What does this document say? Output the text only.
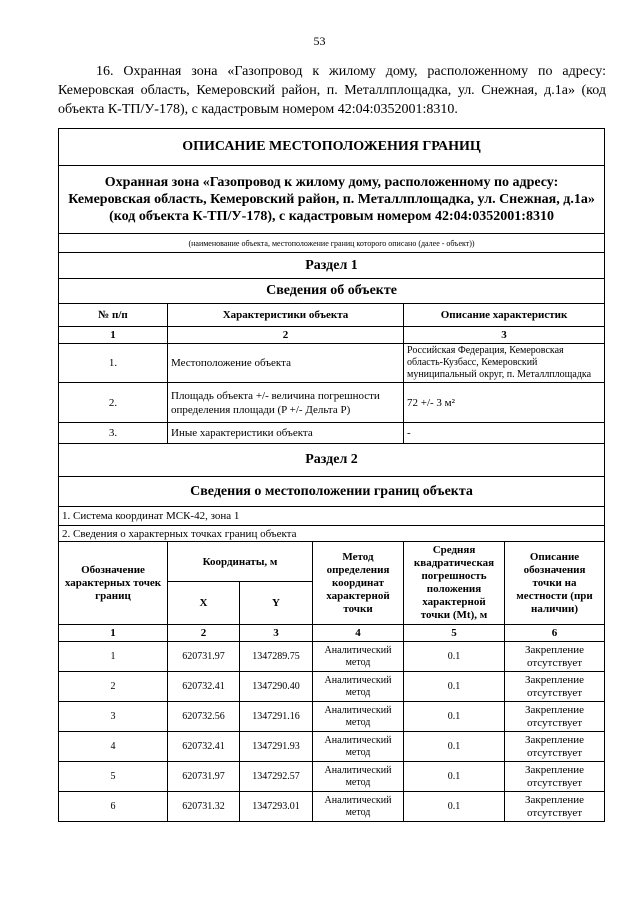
53
16. Охранная зона «Газопровод к жилому дому, расположенному по адресу: Кемеровская область, Кемеровский район, п. Металлплощадка, ул. Снежная, д.1а» (код объекта К-ТП/У-178), с кадастровым номером 42:04:0352001:8310.
ОПИСАНИЕ МЕСТОПОЛОЖЕНИЯ ГРАНИЦ					
Охранная зона «Газопровод к жилому дому, расположенному по адресу: Кемеровская область, Кемеровский район, п. Металлплощадка, ул. Снежная, д.1а» (код объекта К-ТП/У-178), с кадастровым номером 42:04:0352001:8310					
(наименование объекта, местоположение границ которого описано (далее - объект))					
Раздел 1					
Сведения об объекте					
№ п/п	Характеристики объекта			Описание характеристик	
1	2			3	
1.	Местоположение объекта			Российская Федерация, Кемеровская область-Кузбасс, Кемеровский муниципальный округ, п. Металлплощадка	
2.	Площадь объекта +/- величина погрешности определения площади (P +/- Дельта P)			72 +/- 3 м²	
3.	Иные характеристики объекта			-	
Раздел 2					
Сведения о местоположении границ объекта					
1. Система координат МСК-42, зона 1					
2. Сведения о характерных точках границ объекта					
Обозначение характерных точек границ	Координаты, м		Метод определения координат характерной точки	Средняя квадратическая погрешность положения характерной точки (Mt), м	Описание обозначения точки на местности (при наличии)
	X	Y			
1	2	3	4	5	6
1	620731.97	1347289.75	Аналитический метод	0.1	Закрепление отсутствует
2	620732.41	1347290.40	Аналитический метод	0.1	Закрепление отсутствует
3	620732.56	1347291.16	Аналитический метод	0.1	Закрепление отсутствует
4	620732.41	1347291.93	Аналитический метод	0.1	Закрепление отсутствует
5	620731.97	1347292.57	Аналитический метод	0.1	Закрепление отсутствует
6	620731.32	1347293.01	Аналитический метод	0.1	Закрепление отсутствует
